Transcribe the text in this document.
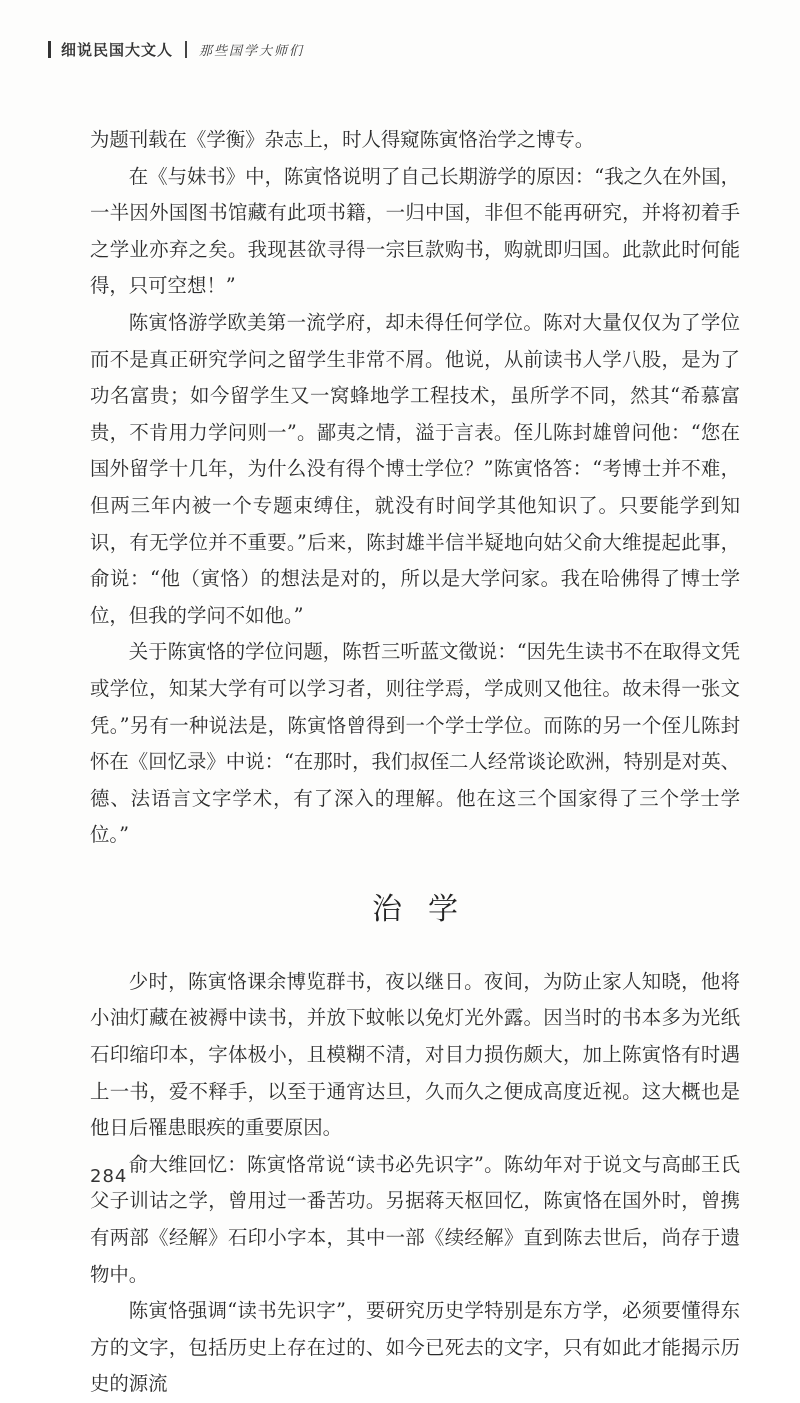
细说民国大文人 那些国学大师们

为题刊载在《学衡》杂志上，时人得窥陈寅恪治学之博专。

在《与妹书》中，陈寅恪说明了自己长期游学的原因：“我之久在外国，一半因外国图书馆藏有此项书籍，一归中国，非但不能再研究，并将初着手之学业亦弃之矣。我现甚欲寻得一宗巨款购书，购就即归国。此款此时何能得，只可空想！”

陈寅恪游学欧美第一流学府，却未得任何学位。陈对大量仅仅为了学位而不是真正研究学问之留学生非常不屑。他说，从前读书人学八股，是为了功名富贵；如今留学生又一窝蜂地学工程技术，虽所学不同，然其“希慕富贵，不肯用力学问则一”。鄙夷之情，溢于言表。侄儿陈封雄曾问他：“您在国外留学十几年，为什么没有得个博士学位？”陈寅恪答：“考博士并不难，但两三年内被一个专题束缚住，就没有时间学其他知识了。只要能学到知识，有无学位并不重要。”后来，陈封雄半信半疑地向姑父俞大维提起此事，俞说：“他（寅恪）的想法是对的，所以是大学问家。我在哈佛得了博士学位，但我的学问不如他。”

关于陈寅恪的学位问题，陈哲三听蓝文徵说：“因先生读书不在取得文凭或学位，知某大学有可以学习者，则往学焉，学成则又他往。故未得一张文凭。”另有一种说法是，陈寅恪曾得到一个学士学位。而陈的另一个侄儿陈封怀在《回忆录》中说：“在那时，我们叔侄二人经常谈论欧洲，特别是对英、德、法语言文字学术，有了深入的理解。他在这三个国家得了三个学士学位。”

治学

少时，陈寅恪课余博览群书，夜以继日。夜间，为防止家人知晓，他将小油灯藏在被褥中读书，并放下蚊帐以免灯光外露。因当时的书本多为光纸石印缩印本，字体极小，且模糊不清，对目力损伤颇大，加上陈寅恪有时遇上一书，爱不释手，以至于通宵达旦，久而久之便成高度近视。这大概也是他日后罹患眼疾的重要原因。

俞大维回忆：陈寅恪常说“读书必先识字”。陈幼年对于说文与高邮王氏父子训诂之学，曾用过一番苦功。另据蒋天枢回忆，陈寅恪在国外时，曾携有两部《经解》石印小字本，其中一部《续经解》直到陈去世后，尚存于遗物中。

陈寅恪强调“读书先识字”，要研究历史学特别是东方学，必须要懂得东方的文字，包括历史上存在过的、如今已死去的文字，只有如此才能揭示历史的源流

284
